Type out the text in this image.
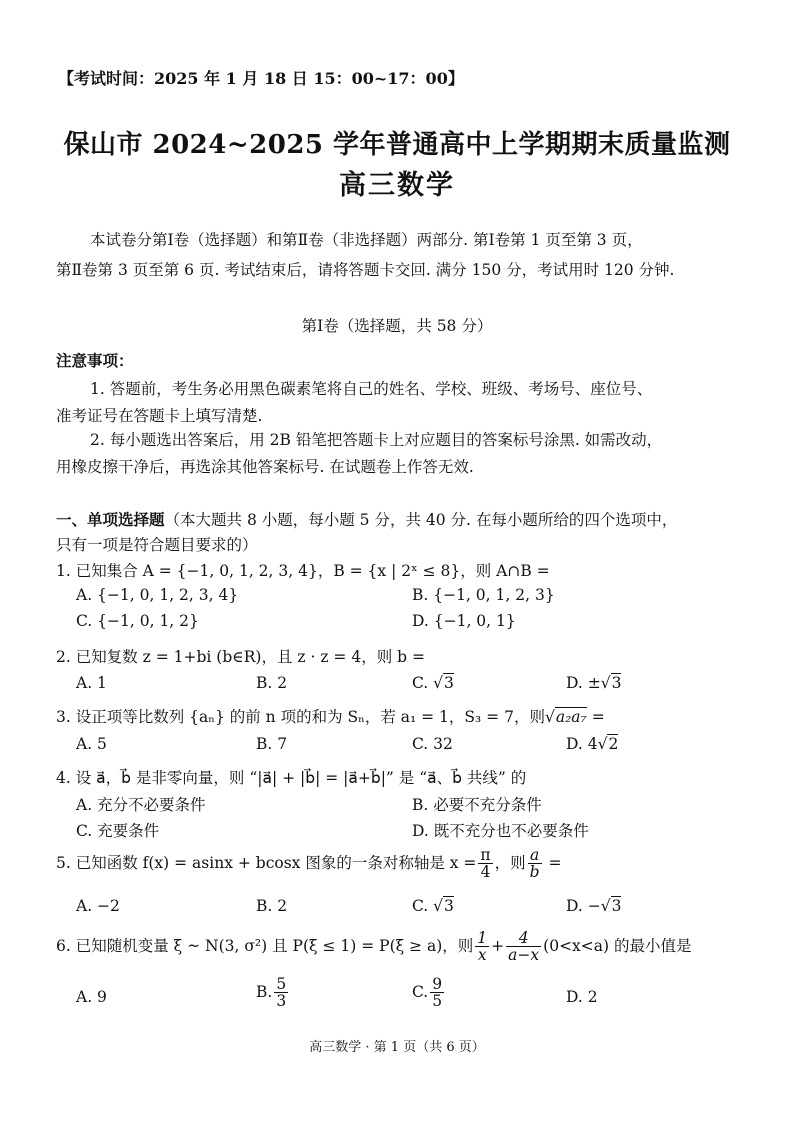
【考试时间：2025 年 1 月 18 日 15：00~17：00】
保山市 2024~2025 学年普通高中上学期期末质量监测
高三数学
本试卷分第Ⅰ卷（选择题）和第Ⅱ卷（非选择题）两部分. 第Ⅰ卷第 1 页至第 3 页，
第Ⅱ卷第 3 页至第 6 页. 考试结束后，请将答题卡交回. 满分 150 分，考试用时 120 分钟.
第Ⅰ卷（选择题，共 58 分）
注意事项：
1. 答题前，考生务必用黑色碳素笔将自己的姓名、学校、班级、考场号、座位号、
准考证号在答题卡上填写清楚.
2. 每小题选出答案后，用 2B 铅笔把答题卡上对应题目的答案标号涂黑. 如需改动，
用橡皮擦干净后，再选涂其他答案标号. 在试题卷上作答无效.
一、单项选择题（本大题共 8 小题，每小题 5 分，共 40 分. 在每小题所给的四个选项中，
只有一项是符合题目要求的）
1. 已知集合 A = {−1, 0, 1, 2, 3, 4}，B = {x | 2ˣ ≤ 8}，则 A∩B =
A. {−1, 0, 1, 2, 3, 4}	B. {−1, 0, 1, 2, 3}
C. {−1, 0, 1, 2}	D. {−1, 0, 1}
2. 已知复数 z = 1+bi (b∈R)，且 z · z = 4，则 b =
A. 1	B. 2	C. √3	D. ±√3
3. 设正项等比数列 {aₙ} 的前 n 项的和为 Sₙ，若 a₁ = 1，S₃ = 7，则√a₂a₇ =
A. 5	B. 7	C. 32	D. 4√2
4. 设 a⃗，b⃗ 是非零向量，则 “|a⃗| + |b⃗| = |a⃗+b⃗|” 是 “a⃗、b⃗ 共线” 的
A. 充分不必要条件	B. 必要不充分条件
C. 充要条件	D. 既不充分也不必要条件
5. 已知函数 f(x) = asinx + bcosx 图象的一条对称轴是 $x = \frac{\pi}{4}$ ，则 $\frac{a}{b}$ =
A. −2	B. 2	C. √3	D. −√3
6. 已知随机变量 ξ ~ N(3, σ²) 且 P(ξ ≤ 1) = P(ξ ≥ a)，则 $\frac{1}{x} + \frac{4}{a-x} (0<x<a)$ 的最小值是
A. 9	B. $\frac{5}{3}$	C. $\frac{9}{5}$	D. 2
高三数学 · 第 1 页（共 6 页）
